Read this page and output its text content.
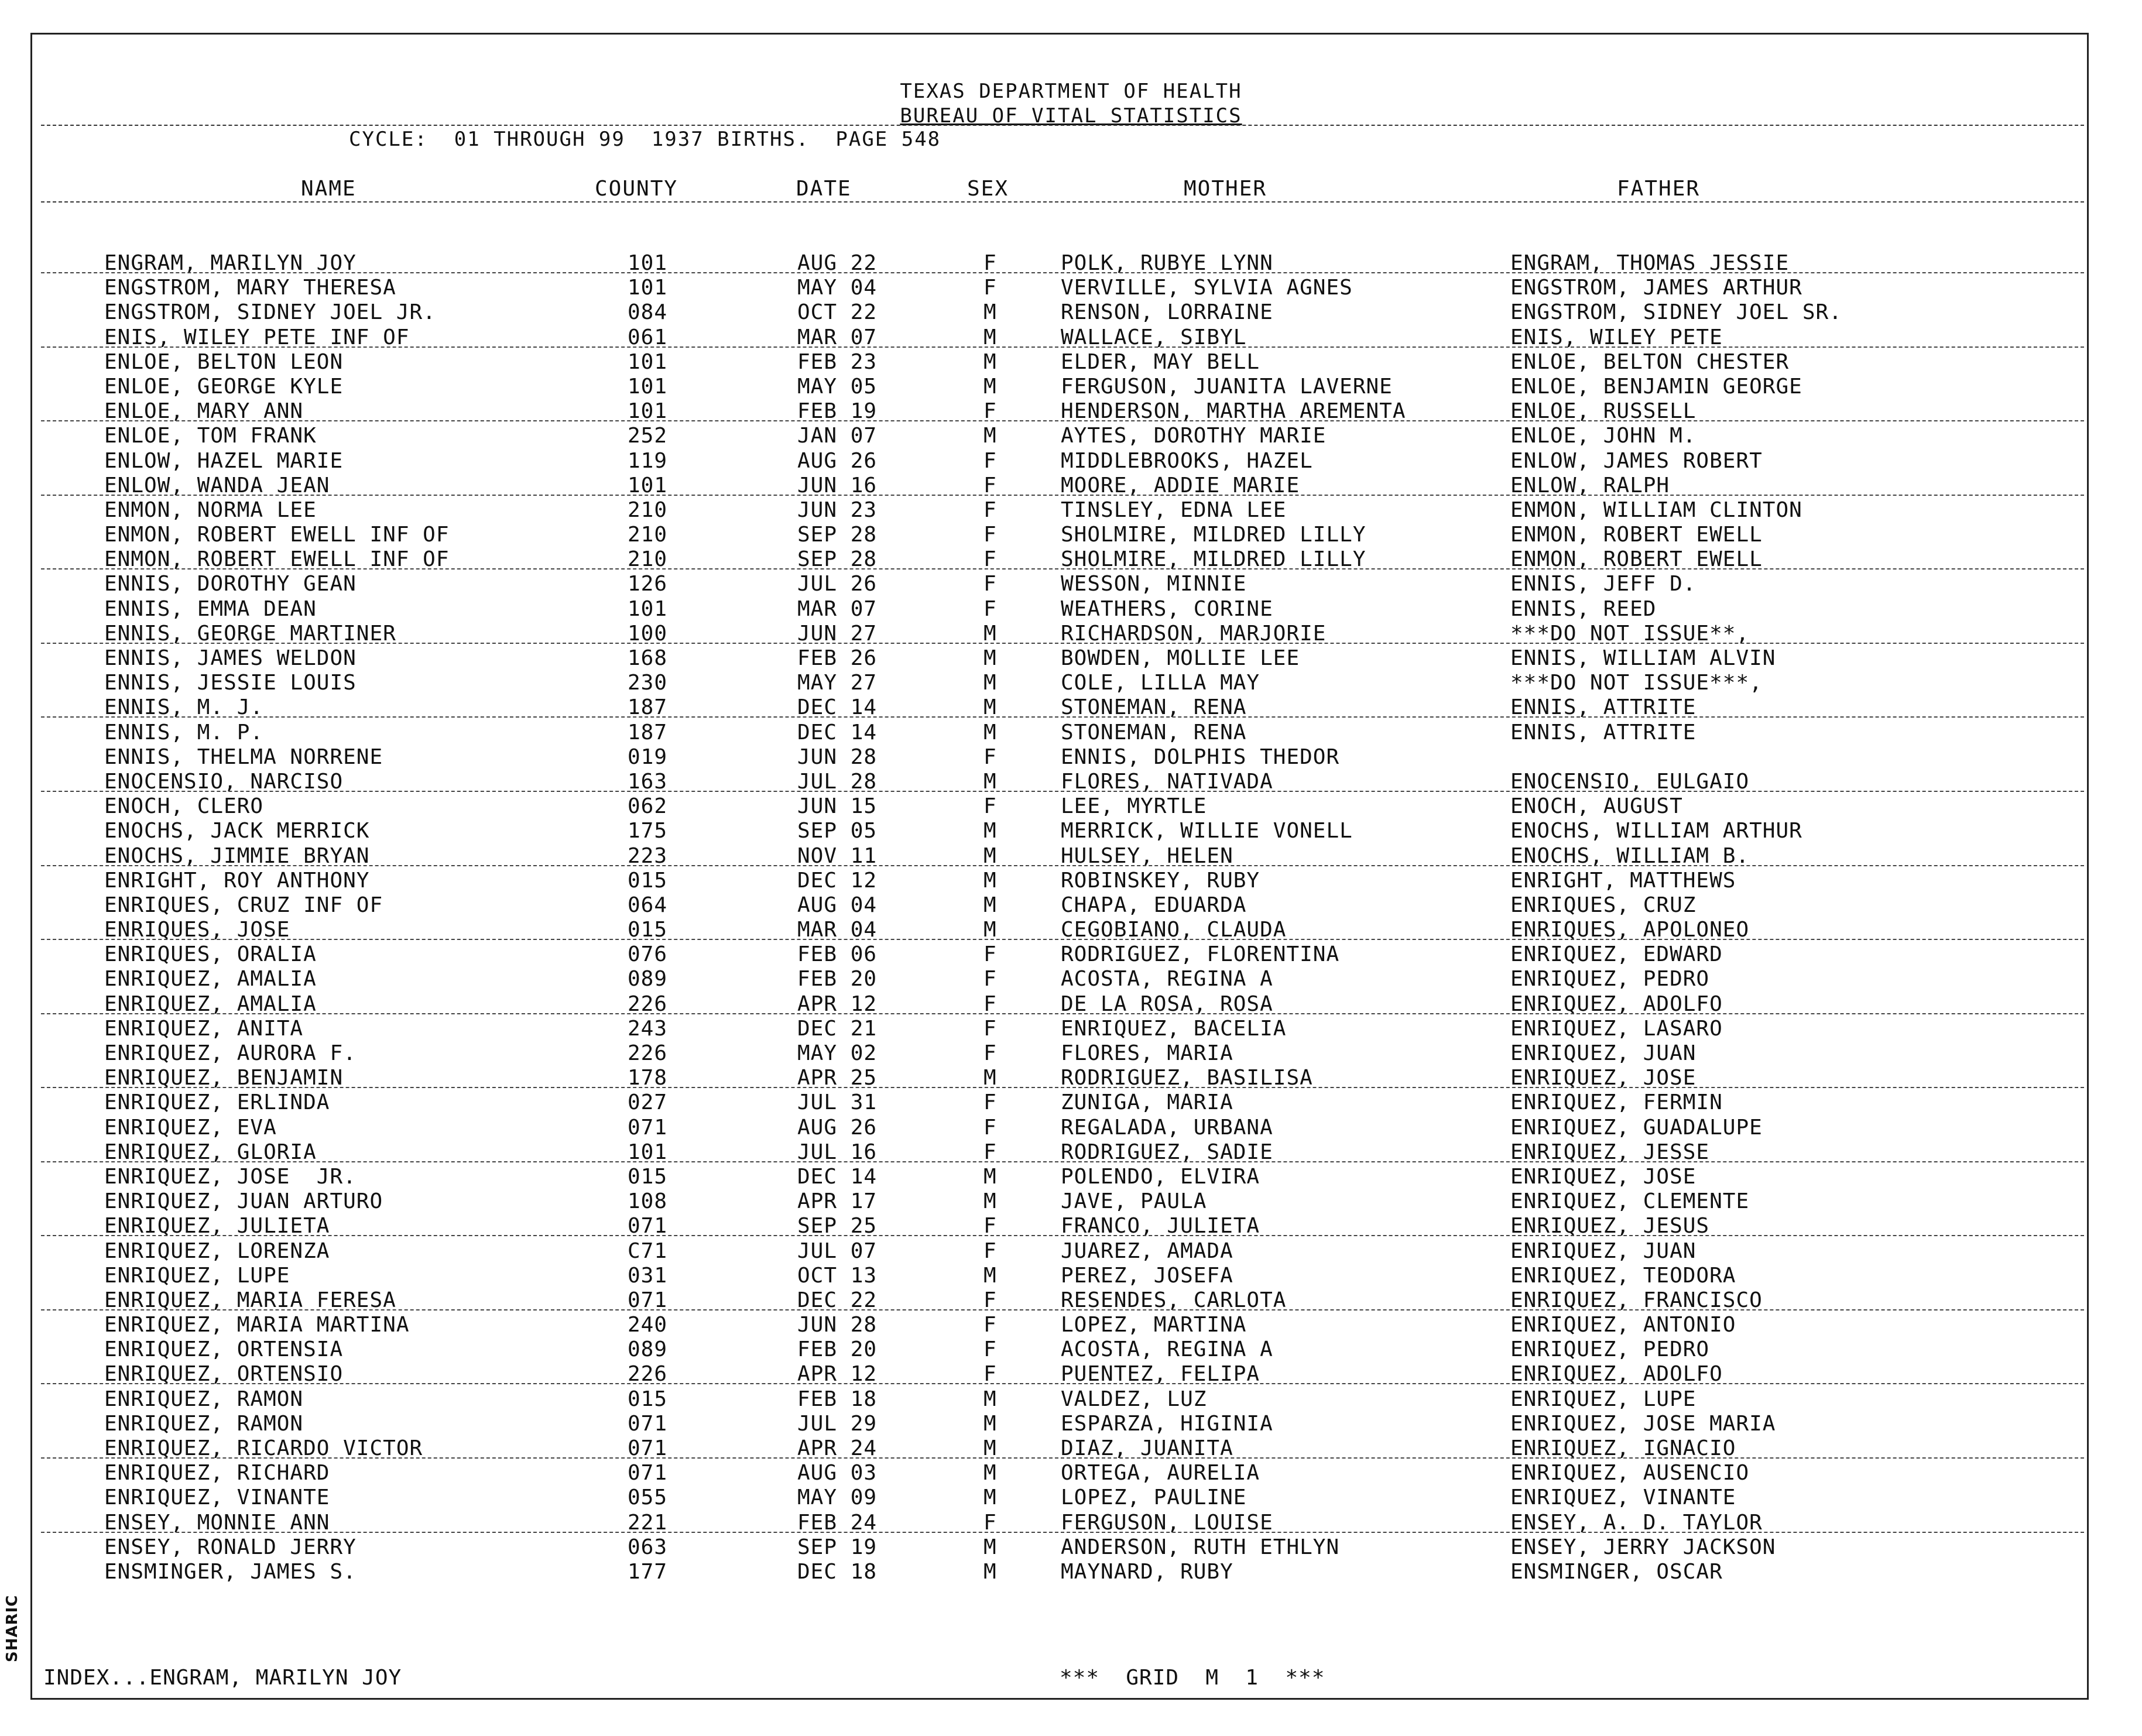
SHARIC
TEXAS DEPARTMENT OF HEALTH
BUREAU OF VITAL STATISTICS
CYCLE:  01 THROUGH 99  1937 BIRTHS.  PAGE 548
NAME	COUNTY	DATE	SEX	MOTHER	FATHER
ENGRAM, MARILYN JOY	101	AUG 22	F	POLK, RUBYE LYNN	ENGRAM, THOMAS JESSIE
ENGSTROM, MARY THERESA	101	MAY 04	F	VERVILLE, SYLVIA AGNES	ENGSTROM, JAMES ARTHUR
ENGSTROM, SIDNEY JOEL JR.	084	OCT 22	M	RENSON, LORRAINE	ENGSTROM, SIDNEY JOEL SR.
ENIS, WILEY PETE INF OF	061	MAR 07	M	WALLACE, SIBYL	ENIS, WILEY PETE
ENLOE, BELTON LEON	101	FEB 23	M	ELDER, MAY BELL	ENLOE, BELTON CHESTER
ENLOE, GEORGE KYLE	101	MAY 05	M	FERGUSON, JUANITA LAVERNE	ENLOE, BENJAMIN GEORGE
ENLOE, MARY ANN	101	FEB 19	F	HENDERSON, MARTHA AREMENTA	ENLOE, RUSSELL
ENLOE, TOM FRANK	252	JAN 07	M	AYTES, DOROTHY MARIE	ENLOE, JOHN M.
ENLOW, HAZEL MARIE	119	AUG 26	F	MIDDLEBROOKS, HAZEL	ENLOW, JAMES ROBERT
ENLOW, WANDA JEAN	101	JUN 16	F	MOORE, ADDIE MARIE	ENLOW, RALPH
ENMON, NORMA LEE	210	JUN 23	F	TINSLEY, EDNA LEE	ENMON, WILLIAM CLINTON
ENMON, ROBERT EWELL INF OF	210	SEP 28	F	SHOLMIRE, MILDRED LILLY	ENMON, ROBERT EWELL
ENMON, ROBERT EWELL INF OF	210	SEP 28	F	SHOLMIRE, MILDRED LILLY	ENMON, ROBERT EWELL
ENNIS, DOROTHY GEAN	126	JUL 26	F	WESSON, MINNIE	ENNIS, JEFF D.
ENNIS, EMMA DEAN	101	MAR 07	F	WEATHERS, CORINE	ENNIS, REED
ENNIS, GEORGE MARTINER	100	JUN 27	M	RICHARDSON, MARJORIE	***DO NOT ISSUE**,
ENNIS, JAMES WELDON	168	FEB 26	M	BOWDEN, MOLLIE LEE	ENNIS, WILLIAM ALVIN
ENNIS, JESSIE LOUIS	230	MAY 27	M	COLE, LILLA MAY	***DO NOT ISSUE***,
ENNIS, M. J.	187	DEC 14	M	STONEMAN, RENA	ENNIS, ATTRITE
ENNIS, M. P.	187	DEC 14	M	STONEMAN, RENA	ENNIS, ATTRITE
ENNIS, THELMA NORRENE	019	JUN 28	F	ENNIS, DOLPHIS THEDOR
ENOCENSIO, NARCISO	163	JUL 28	M	FLORES, NATIVADA	ENOCENSIO, EULGAIO
ENOCH, CLERO	062	JUN 15	F	LEE, MYRTLE	ENOCH, AUGUST
ENOCHS, JACK MERRICK	175	SEP 05	M	MERRICK, WILLIE VONELL	ENOCHS, WILLIAM ARTHUR
ENOCHS, JIMMIE BRYAN	223	NOV 11	M	HULSEY, HELEN	ENOCHS, WILLIAM B.
ENRIGHT, ROY ANTHONY	015	DEC 12	M	ROBINSKEY, RUBY	ENRIGHT, MATTHEWS
ENRIQUES, CRUZ INF OF	064	AUG 04	M	CHAPA, EDUARDA	ENRIQUES, CRUZ
ENRIQUES, JOSE	015	MAR 04	M	CEGOBIANO, CLAUDA	ENRIQUES, APOLONEO
ENRIQUES, ORALIA	076	FEB 06	F	RODRIGUEZ, FLORENTINA	ENRIQUEZ, EDWARD
ENRIQUEZ, AMALIA	089	FEB 20	F	ACOSTA, REGINA A	ENRIQUEZ, PEDRO
ENRIQUEZ, AMALIA	226	APR 12	F	DE LA ROSA, ROSA	ENRIQUEZ, ADOLFO
ENRIQUEZ, ANITA	243	DEC 21	F	ENRIQUEZ, BACELIA	ENRIQUEZ, LASARO
ENRIQUEZ, AURORA F.	226	MAY 02	F	FLORES, MARIA	ENRIQUEZ, JUAN
ENRIQUEZ, BENJAMIN	178	APR 25	M	RODRIGUEZ, BASILISA	ENRIQUEZ, JOSE
ENRIQUEZ, ERLINDA	027	JUL 31	F	ZUNIGA, MARIA	ENRIQUEZ, FERMIN
ENRIQUEZ, EVA	071	AUG 26	F	REGALADA, URBANA	ENRIQUEZ, GUADALUPE
ENRIQUEZ, GLORIA	101	JUL 16	F	RODRIGUEZ, SADIE	ENRIQUEZ, JESSE
ENRIQUEZ, JOSE  JR.	015	DEC 14	M	POLENDO, ELVIRA	ENRIQUEZ, JOSE
ENRIQUEZ, JUAN ARTURO	108	APR 17	M	JAVE, PAULA	ENRIQUEZ, CLEMENTE
ENRIQUEZ, JULIETA	071	SEP 25	F	FRANCO, JULIETA	ENRIQUEZ, JESUS
ENRIQUEZ, LORENZA	C71	JUL 07	F	JUAREZ, AMADA	ENRIQUEZ, JUAN
ENRIQUEZ, LUPE	031	OCT 13	M	PEREZ, JOSEFA	ENRIQUEZ, TEODORA
ENRIQUEZ, MARIA FERESA	071	DEC 22	F	RESENDES, CARLOTA	ENRIQUEZ, FRANCISCO
ENRIQUEZ, MARIA MARTINA	240	JUN 28	F	LOPEZ, MARTINA	ENRIQUEZ, ANTONIO
ENRIQUEZ, ORTENSIA	089	FEB 20	F	ACOSTA, REGINA A	ENRIQUEZ, PEDRO
ENRIQUEZ, ORTENSIO	226	APR 12	F	PUENTEZ, FELIPA	ENRIQUEZ, ADOLFO
ENRIQUEZ, RAMON	015	FEB 18	M	VALDEZ, LUZ	ENRIQUEZ, LUPE
ENRIQUEZ, RAMON	071	JUL 29	M	ESPARZA, HIGINIA	ENRIQUEZ, JOSE MARIA
ENRIQUEZ, RICARDO VICTOR	071	APR 24	M	DIAZ, JUANITA	ENRIQUEZ, IGNACIO
ENRIQUEZ, RICHARD	071	AUG 03	M	ORTEGA, AURELIA	ENRIQUEZ, AUSENCIO
ENRIQUEZ, VINANTE	055	MAY 09	M	LOPEZ, PAULINE	ENRIQUEZ, VINANTE
ENSEY, MONNIE ANN	221	FEB 24	F	FERGUSON, LOUISE	ENSEY, A. D. TAYLOR
ENSEY, RONALD JERRY	063	SEP 19	M	ANDERSON, RUTH ETHLYN	ENSEY, JERRY JACKSON
ENSMINGER, JAMES S.	177	DEC 18	M	MAYNARD, RUBY	ENSMINGER, OSCAR
INDEX...ENGRAM, MARILYN JOY	***  GRID  M  1  ***
